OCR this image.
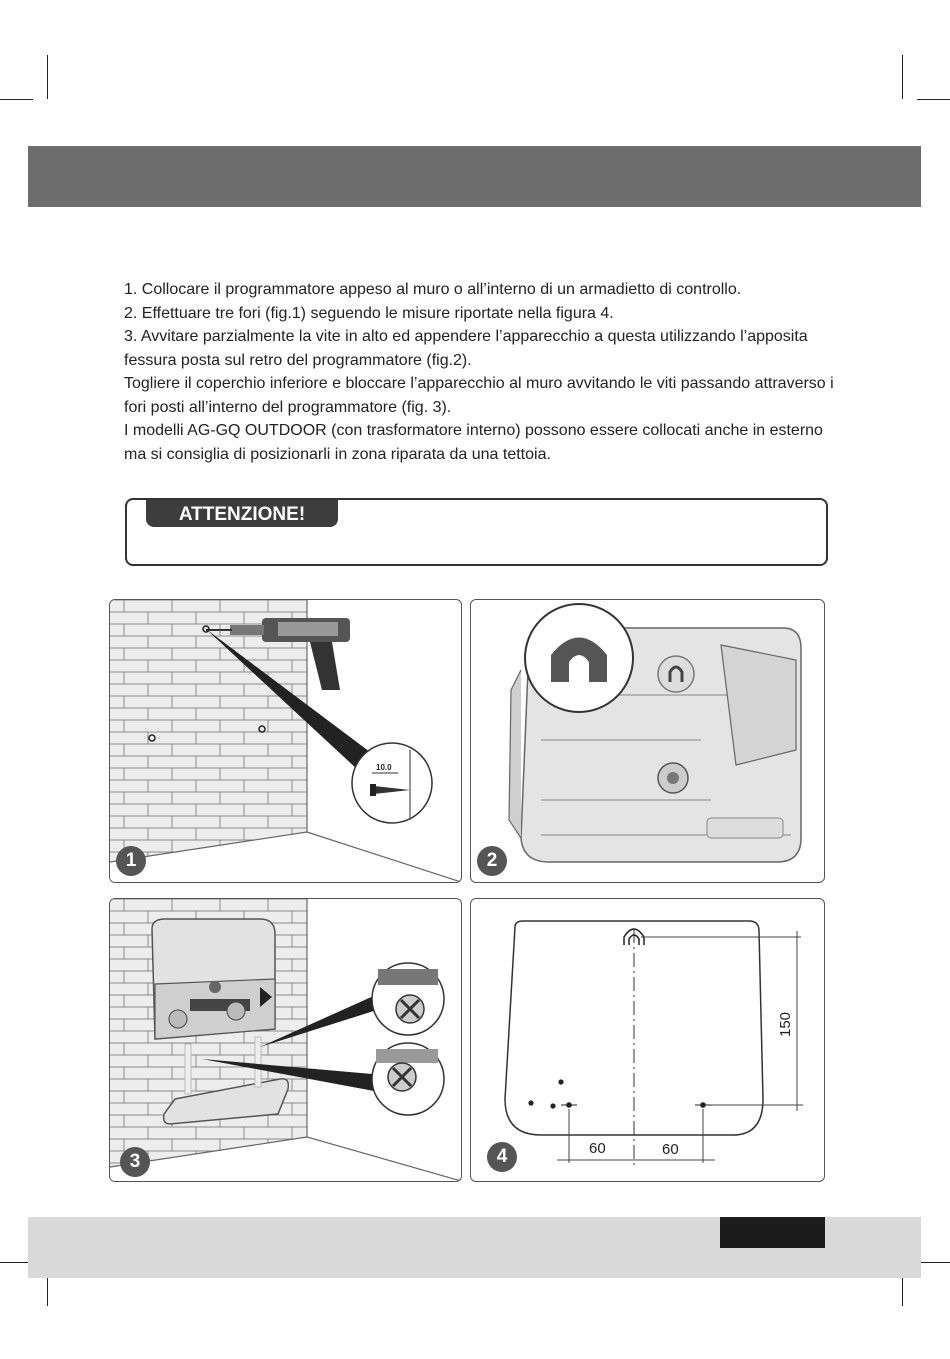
1. Collocare il programmatore appeso al muro o all’interno di un armadietto di controllo.

2. Effettuare tre fori (fig.1) seguendo le misure riportate nella figura 4.

3. Avvitare parzialmente la vite in alto ed appendere l’apparecchio a questa utilizzando l’apposita fessura posta sul retro del programmatore (fig.2).

Togliere il coperchio inferiore e bloccare l’apparecchio al muro avvitando le viti passando attraverso i fori posti all’interno del programmatore (fig. 3).

I modelli AG-GQ OUTDOOR (con trasformatore interno) possono essere collocati anche in esterno ma si consiglia di posizionarli in zona riparata da una tettoia.

ATTENZIONE!
10.0
1	2
3
60	60
150
4
